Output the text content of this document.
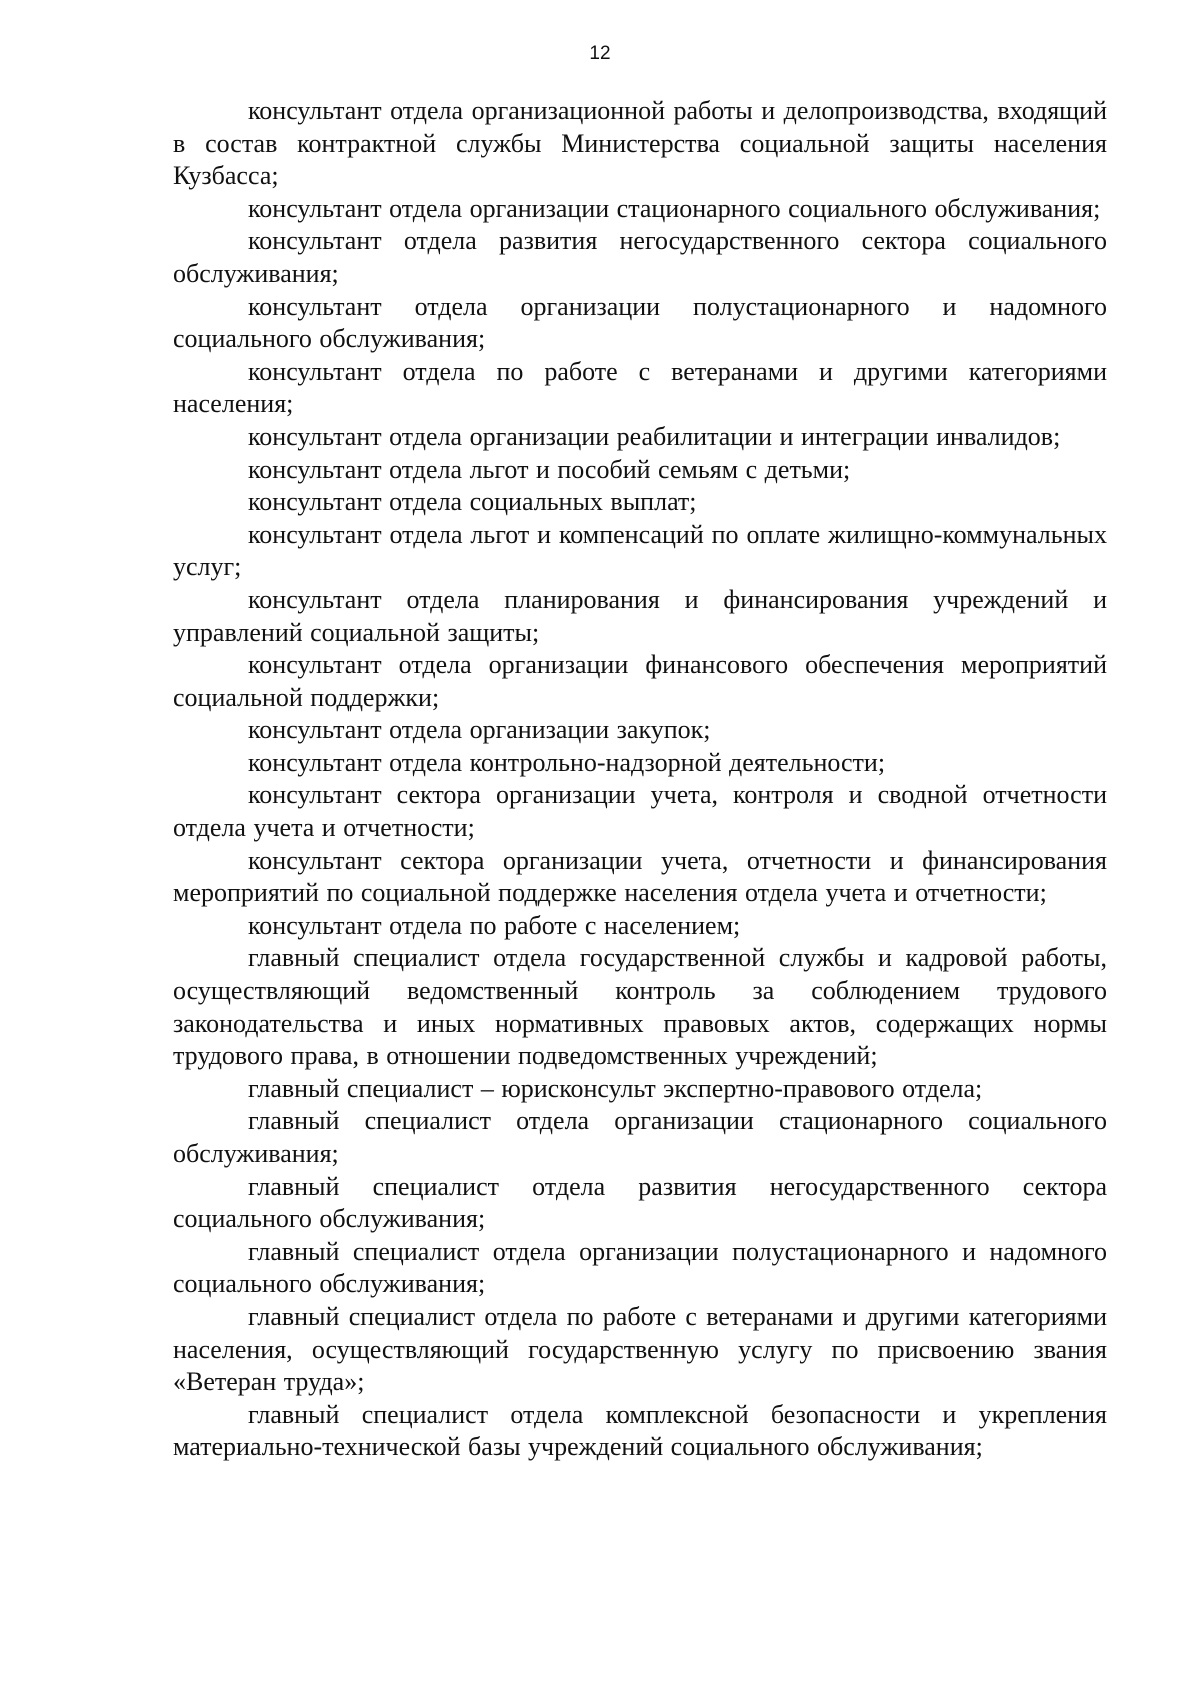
12

консультант отдела организационной работы и делопроизводства, входящий в состав контрактной службы Министерства социальной защиты населения Кузбасса;

консультант отдела организации стационарного социального обслуживания;

консультант отдела развития негосударственного сектора социального обслуживания;

консультант отдела организации полустационарного и надомного социального обслуживания;

консультант отдела по работе с ветеранами и другими категориями населения;

консультант отдела организации реабилитации и интеграции инвалидов;

консультант отдела льгот и пособий семьям с детьми;

консультант отдела социальных выплат;

консультант отдела льгот и компенсаций по оплате жилищно-коммунальных услуг;

консультант отдела планирования и финансирования учреждений и управлений социальной защиты;

консультант отдела организации финансового обеспечения мероприятий социальной поддержки;

консультант отдела организации закупок;

консультант отдела контрольно-надзорной деятельности;

консультант сектора организации учета, контроля и сводной отчетности отдела учета и отчетности;

консультант сектора организации учета, отчетности и финансирования мероприятий по социальной поддержке населения отдела учета и отчетности;

консультант отдела по работе с населением;

главный специалист отдела государственной службы и кадровой работы, осуществляющий ведомственный контроль за соблюдением трудового законодательства и иных нормативных правовых актов, содержащих нормы трудового права, в отношении подведомственных учреждений;

главный специалист – юрисконсульт экспертно-правового отдела;

главный специалист отдела организации стационарного социального обслуживания;

главный специалист отдела развития негосударственного сектора социального обслуживания;

главный специалист отдела организации полустационарного и надомного социального обслуживания;

главный специалист отдела по работе с ветеранами и другими категориями населения, осуществляющий государственную услугу по присвоению звания «Ветеран труда»;

главный специалист отдела комплексной безопасности и укрепления материально-технической базы учреждений социального обслуживания;
